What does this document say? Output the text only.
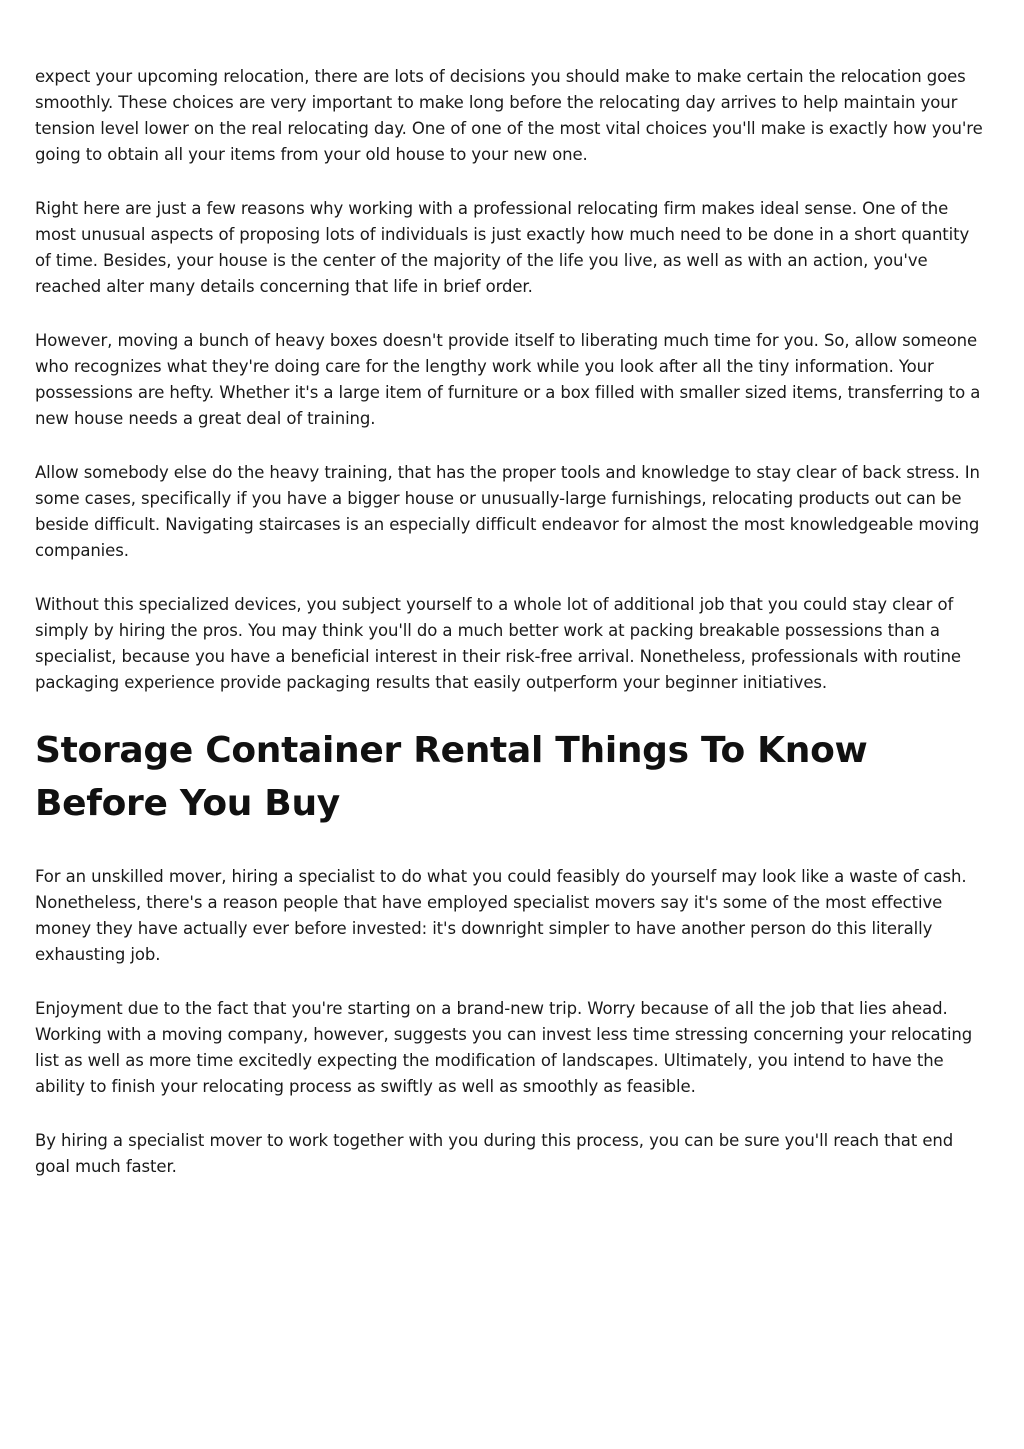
expect your upcoming relocation, there are lots of decisions you should make to make certain the relocation goes smoothly. These choices are very important to make long before the relocating day arrives to help maintain your tension level lower on the real relocating day. One of one of the most vital choices you'll make is exactly how you're going to obtain all your items from your old house to your new one.

Right here are just a few reasons why working with a professional relocating firm makes ideal sense. One of the most unusual aspects of proposing lots of individuals is just exactly how much need to be done in a short quantity of time. Besides, your house is the center of the majority of the life you live, as well as with an action, you've reached alter many details concerning that life in brief order.

However, moving a bunch of heavy boxes doesn't provide itself to liberating much time for you. So, allow someone who recognizes what they're doing care for the lengthy work while you look after all the tiny information. Your possessions are hefty. Whether it's a large item of furniture or a box filled with smaller sized items, transferring to a new house needs a great deal of training.

Allow somebody else do the heavy training, that has the proper tools and knowledge to stay clear of back stress. In some cases, specifically if you have a bigger house or unusually-large furnishings, relocating products out can be beside difficult. Navigating staircases is an especially difficult endeavor for almost the most knowledgeable moving companies.

Without this specialized devices, you subject yourself to a whole lot of additional job that you could stay clear of simply by hiring the pros. You may think you'll do a much better work at packing breakable possessions than a specialist, because you have a beneficial interest in their risk-free arrival. Nonetheless, professionals with routine packaging experience provide packaging results that easily outperform your beginner initiatives.

Storage Container Rental Things To Know Before You Buy

For an unskilled mover, hiring a specialist to do what you could feasibly do yourself may look like a waste of cash. Nonetheless, there's a reason people that have employed specialist movers say it's some of the most effective money they have actually ever before invested: it's downright simpler to have another person do this literally exhausting job.

Enjoyment due to the fact that you're starting on a brand-new trip. Worry because of all the job that lies ahead. Working with a moving company, however, suggests you can invest less time stressing concerning your relocating list as well as more time excitedly expecting the modification of landscapes. Ultimately, you intend to have the ability to finish your relocating process as swiftly as well as smoothly as feasible.

By hiring a specialist mover to work together with you during this process, you can be sure you'll reach that end goal much faster.
